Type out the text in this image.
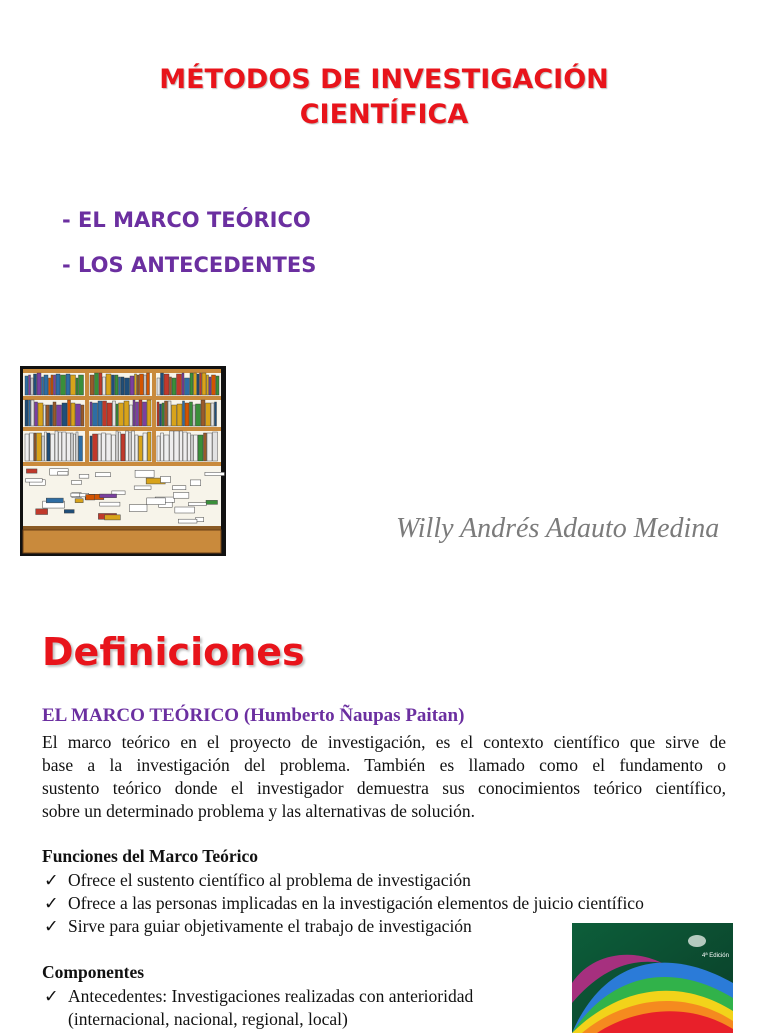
MÉTODOS DE INVESTIGACIÓN
CIENTÍFICA
- EL MARCO TEÓRICO
- LOS ANTECEDENTES
Willy Andrés Adauto Medina
Definiciones
EL MARCO TEÓRICO (Humberto Ñaupas Paitan)
El marco teórico en el proyecto de investigación, es el contexto científico que sirve de
base a la investigación del problema. También es llamado como el fundamento o
sustento teórico donde el investigador demuestra sus conocimientos teórico científico,
sobre un determinado problema y las alternativas de solución.
Funciones del Marco Teórico
✓ Ofrece el sustento científico al problema de investigación
✓ Ofrece a las personas implicadas en la investigación elementos de juicio científico
✓ Sirve para guiar objetivamente el trabajo de investigación
Componentes
✓ Antecedentes: Investigaciones realizadas con anterioridad
(internacional, nacional, regional, local)
4ª Edición
